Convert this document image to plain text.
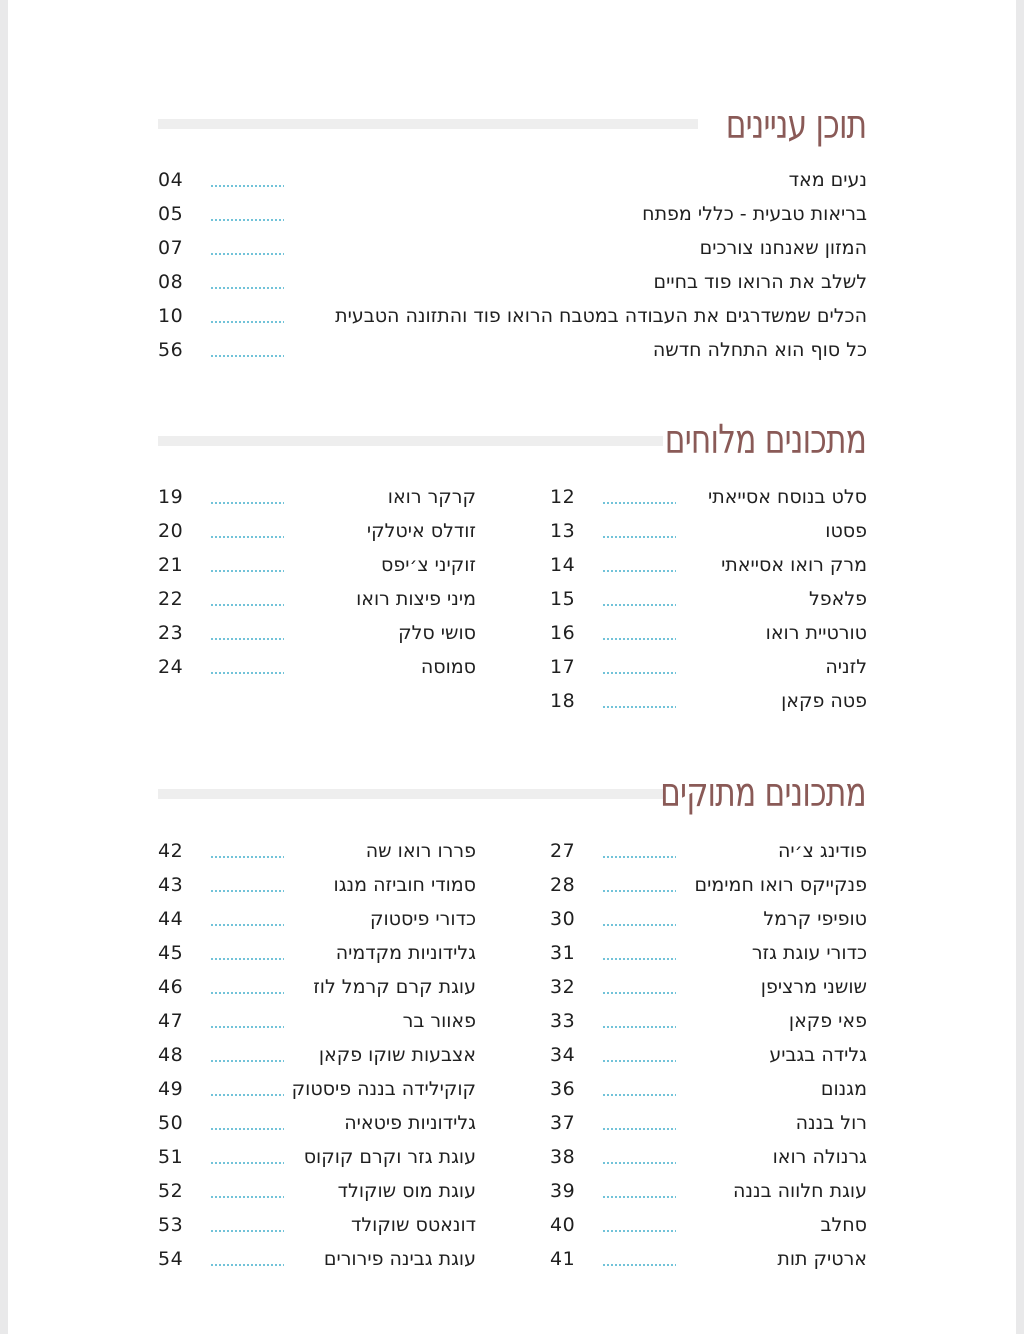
תוכן עניינים
04	נעים מאד
05	בריאות טבעית - כללי מפתח
07	המזון שאנחנו צורכים
08	לשלב את הרואו פוד בחיים
10	הכלים שמשדרגים את העבודה במטבח הרואו פוד והתזונה הטבעית
56	כל סוף הוא התחלה חדשה
מתכונים מלוחים
12	סלט בנוסח אסייאתי
13	פסטו
14	מרק רואו אסייאתי
15	פלאפל
16	טורטיית רואו
17	לזניה
18	פטה פקאן
19	קרקר רואו
20	זודלס איטלקי
21	זוקיני צ׳יפס
22	מיני פיצות רואו
23	סושי סלק
24	סמוסה
מתכונים מתוקים
27	פודינג צ׳יה
28	פנקייקס רואו חמימים
30	טופיפי קרמל
31	כדורי עוגת גזר
32	שושני מרציפן
33	פאי פקאן
34	גלידה בגביע
36	מגנום
37	רול בננה
38	גרנולה רואו
39	עוגת חלווה בננה
40	סחלב
41	ארטיק תות
42	פררו רואו שה
43	סמודי חוביזה מנגו
44	כדורי פיסטוק
45	גלידוניות מקדמיה
46	עוגת קרם קרמל לוז
47	פאוור בר
48	אצבעות שוקו פקאן
49	קוקילידה בננה פיסטוק
50	גלידוניות פיטאיה
51	עוגת גזר וקרם קוקוס
52	עוגת מוס שוקולד
53	דונאטס שוקולד
54	עוגת גבינה פירורים
